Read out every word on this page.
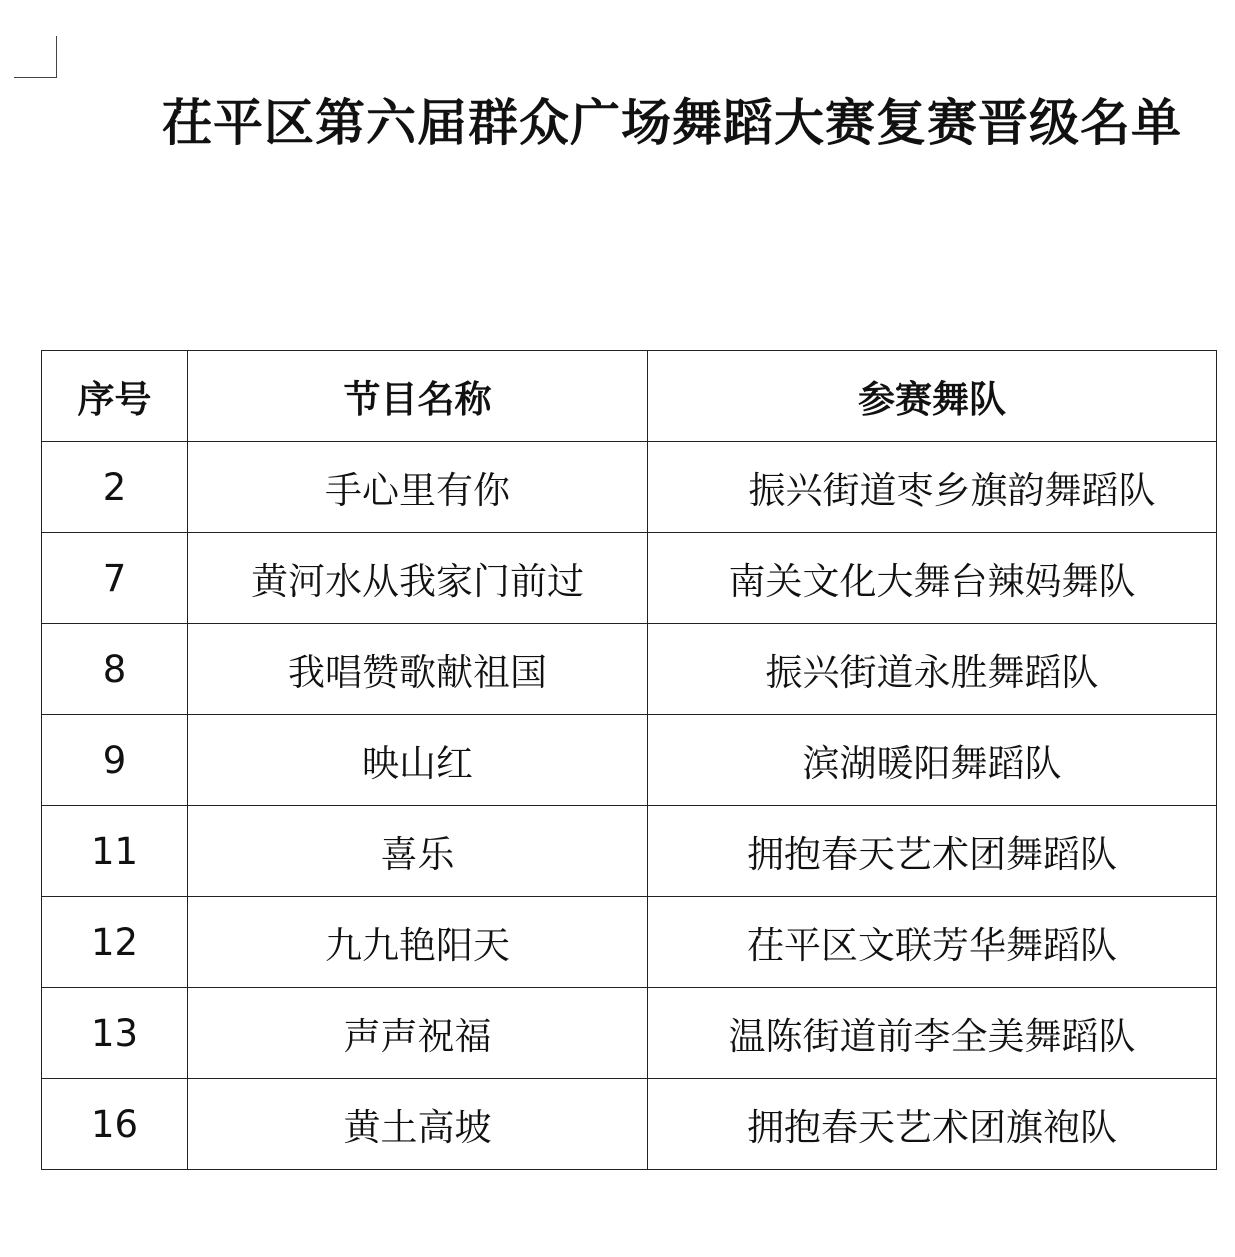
茌平区第六届群众广场舞蹈大赛复赛晋级名单
序号	节目名称	参赛舞队
2	手心里有你	振兴街道枣乡旗韵舞蹈队
7	黄河水从我家门前过	南关文化大舞台辣妈舞队
8	我唱赞歌献祖国	振兴街道永胜舞蹈队
9	映山红	滨湖暖阳舞蹈队
11	喜乐	拥抱春天艺术团舞蹈队
12	九九艳阳天	茌平区文联芳华舞蹈队
13	声声祝福	温陈街道前李全美舞蹈队
16	黄土高坡	拥抱春天艺术团旗袍队
